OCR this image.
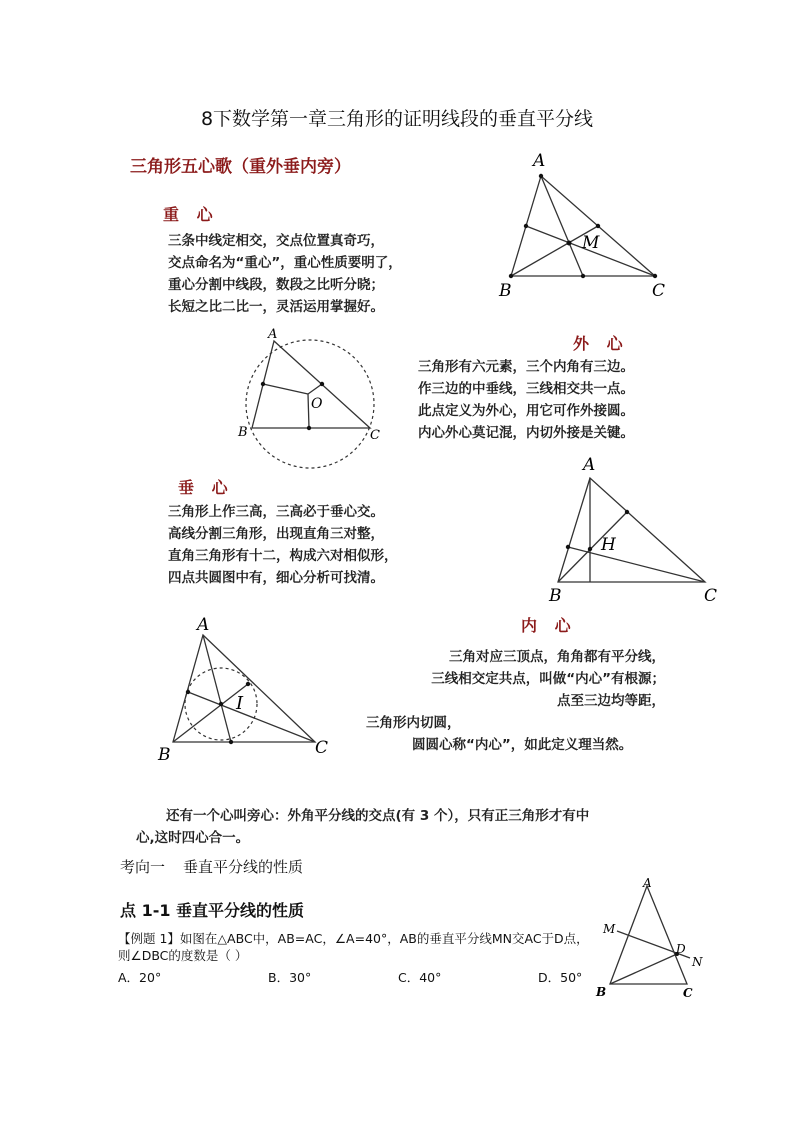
8下数学第一章三角形的证明线段的垂直平分线
三角形五心歌（重外垂内旁）
重 心
三条中线定相交，交点位置真奇巧，
交点命名为“重心”，重心性质要明了，
重心分割中线段，数段之比听分晓；
长短之比二比一，灵活运用掌握好。
A
B	C
M
A
B	C
O
外 心
三角形有六元素，三个内角有三边。
作三边的中垂线，三线相交共一点。
此点定义为外心，用它可作外接圆。
内心外心莫记混，内切外接是关键。
垂 心
三角形上作三高，三高必于垂心交。
高线分割三角形，出现直角三对整，
直角三角形有十二，构成六对相似形，
四点共圆图中有，细心分析可找清。
A
B	C
H
A
B	C
I
内 心
三角对应三顶点，角角都有平分线，
三线相交定共点，叫做“内心”有根源；
点至三边均等距，
三角形内切圆，
圆圆心称“内心”，如此定义理当然。
还有一个心叫旁心：外角平分线的交点(有 3 个），只有正三角形才有中
心,这时四心合一。
考向一 垂直平分线的性质
点 1-1 垂直平分线的性质
【例题 1】如图在△ABC中，AB=AC，∠A=40°，AB的垂直平分线MN交AC于D点，则∠DBC的度数是（ ）
A．20°	B．30°	C．40°	D．50°
A
B	C
D
M
N
